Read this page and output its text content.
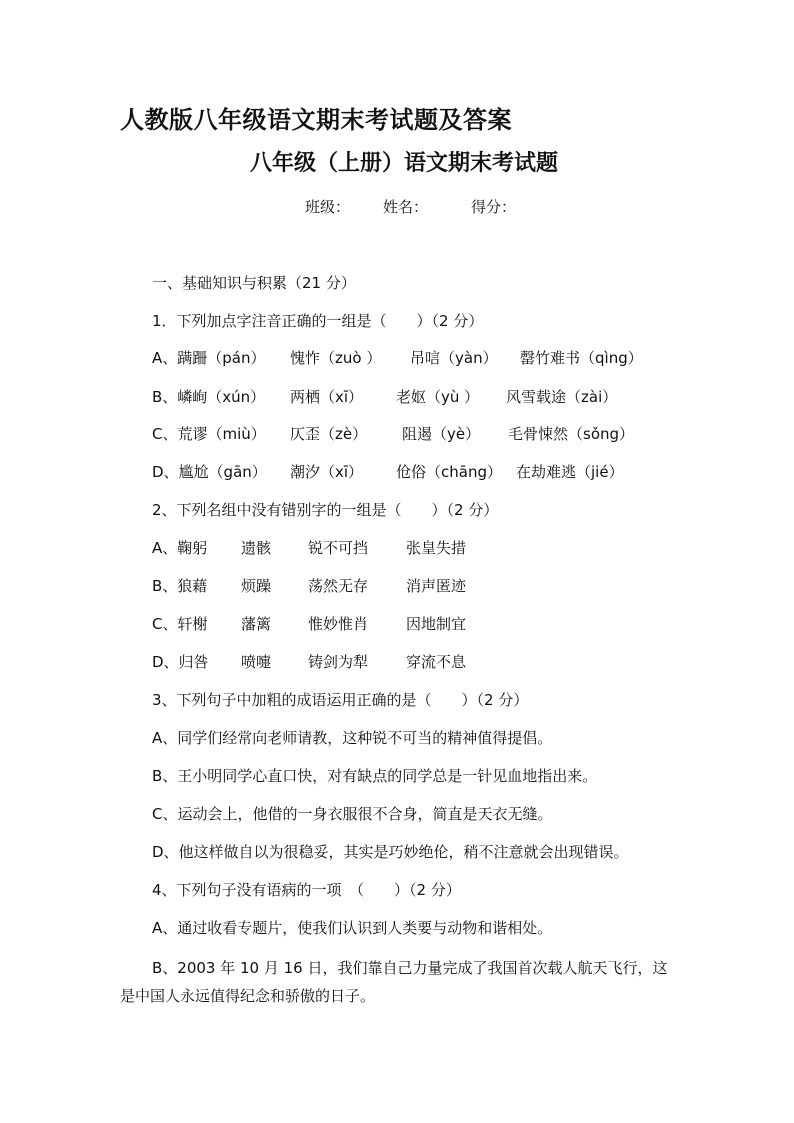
人教版八年级语文期末考试题及答案
八年级（上册）语文期末考试题
班级： 姓名：	得分：
一、基础知识与积累（21 分）
1．下列加点字注音正确的一组是（　　）（2 分）
A、蹒跚（pán） 愧怍（zuò ） 吊唁（yàn） 罄竹难书（qìng）
B、嶙峋（xún） 两栖（xī） 老妪（yù ） 风雪载途（zài）
C、荒谬（miù） 仄歪（zè） 阻遏（yè） 毛骨悚然（sǒng）
D、尴尬（gān） 潮汐（xī） 伧俗（chāng） 在劫难逃（jié）
2、下列名组中没有错别字的一组是（　　）（2 分）
A、鞠躬 遗骸 锐不可挡	张皇失措
B、狼藉 烦躁 荡然无存	消声匿迹
C、轩榭 藩篱 惟妙惟肖	因地制宜
D、归咎 喷嚏 铸剑为犁	穿流不息
3、下列句子中加粗的成语运用正确的是（　　）（2 分）
A、同学们经常向老师请教，这种锐不可当的精神值得提倡。
B、王小明同学心直口快，对有缺点的同学总是一针见血地指出来。
C、运动会上，他借的一身衣服很不合身，简直是天衣无缝。
D、他这样做自以为很稳妥，其实是巧妙绝伦，稍不注意就会出现错误。
4、下列句子没有语病的一项　（　　）（2 分）
A、通过收看专题片，使我们认识到人类要与动物和谐相处。
B、2003 年 10 月 16 日，我们靠自己力量完成了我国首次载人航天飞行，这是中国人永远值得纪念和骄傲的日子。
